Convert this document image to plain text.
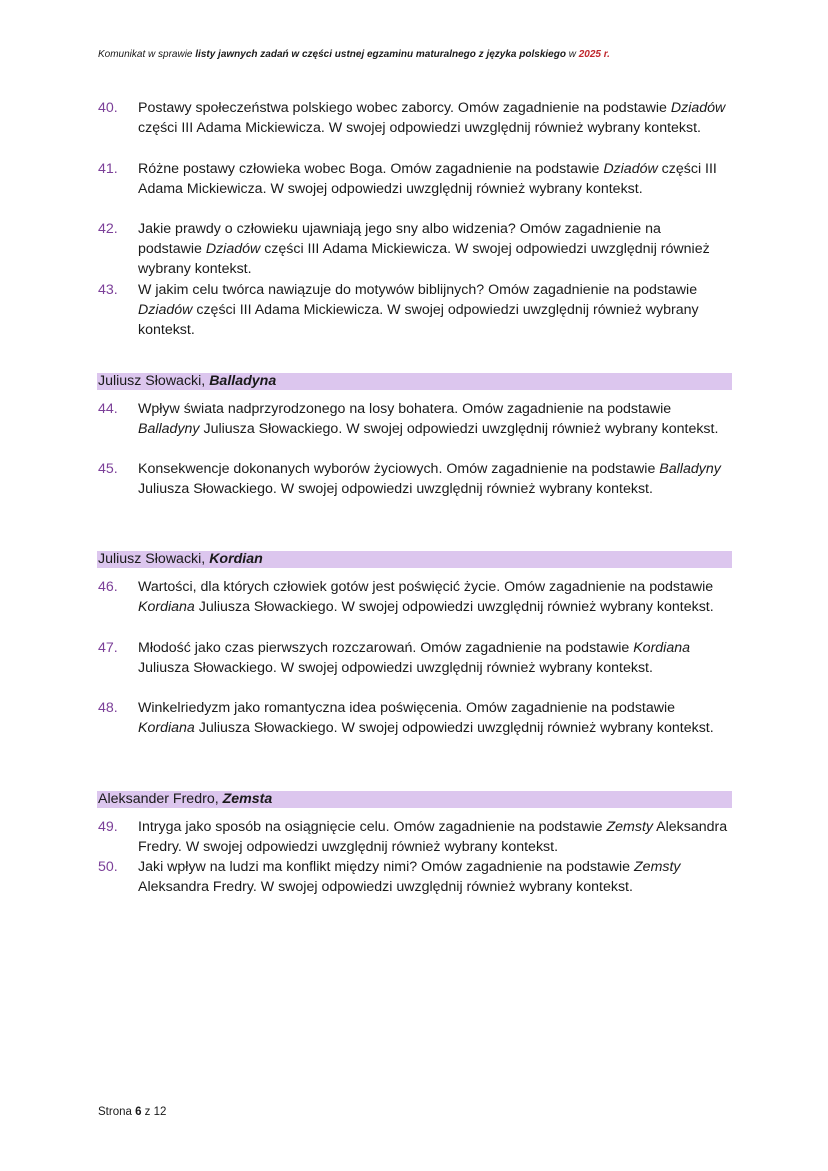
Komunikat w sprawie listy jawnych zadań w części ustnej egzaminu maturalnego z języka polskiego w 2025 r.
40.	Postawy społeczeństwa polskiego wobec zaborcy. Omów zagadnienie na podstawie Dziadów części III Adama Mickiewicza. W swojej odpowiedzi uwzględnij również wybrany kontekst.
41.	Różne postawy człowieka wobec Boga. Omów zagadnienie na podstawie Dziadów części III Adama Mickiewicza. W swojej odpowiedzi uwzględnij również wybrany kontekst.
42.	Jakie prawdy o człowieku ujawniają jego sny albo widzenia? Omów zagadnienie na podstawie Dziadów części III Adama Mickiewicza. W swojej odpowiedzi uwzględnij również wybrany kontekst.
43.	W jakim celu twórca nawiązuje do motywów biblijnych? Omów zagadnienie na podstawie Dziadów części III Adama Mickiewicza. W swojej odpowiedzi uwzględnij również wybrany kontekst.
Juliusz Słowacki, Balladyna
44.	Wpływ świata nadprzyrodzonego na losy bohatera. Omów zagadnienie na podstawie Balladyny Juliusza Słowackiego. W swojej odpowiedzi uwzględnij również wybrany kontekst.
45.	Konsekwencje dokonanych wyborów życiowych. Omów zagadnienie na podstawie Balladyny Juliusza Słowackiego. W swojej odpowiedzi uwzględnij również wybrany kontekst.
Juliusz Słowacki, Kordian
46.	Wartości, dla których człowiek gotów jest poświęcić życie. Omów zagadnienie na podstawie Kordiana Juliusza Słowackiego. W swojej odpowiedzi uwzględnij również wybrany kontekst.
47.	Młodość jako czas pierwszych rozczarowań. Omów zagadnienie na podstawie Kordiana Juliusza Słowackiego. W swojej odpowiedzi uwzględnij również wybrany kontekst.
48.	Winkelriedyzm jako romantyczna idea poświęcenia. Omów zagadnienie na podstawie Kordiana Juliusza Słowackiego. W swojej odpowiedzi uwzględnij również wybrany kontekst.
Aleksander Fredro, Zemsta
49.	Intryga jako sposób na osiągnięcie celu. Omów zagadnienie na podstawie Zemsty Aleksandra Fredry. W swojej odpowiedzi uwzględnij również wybrany kontekst.
50.	Jaki wpływ na ludzi ma konflikt między nimi? Omów zagadnienie na podstawie Zemsty Aleksandra Fredry. W swojej odpowiedzi uwzględnij również wybrany kontekst.
Strona 6 z 12
